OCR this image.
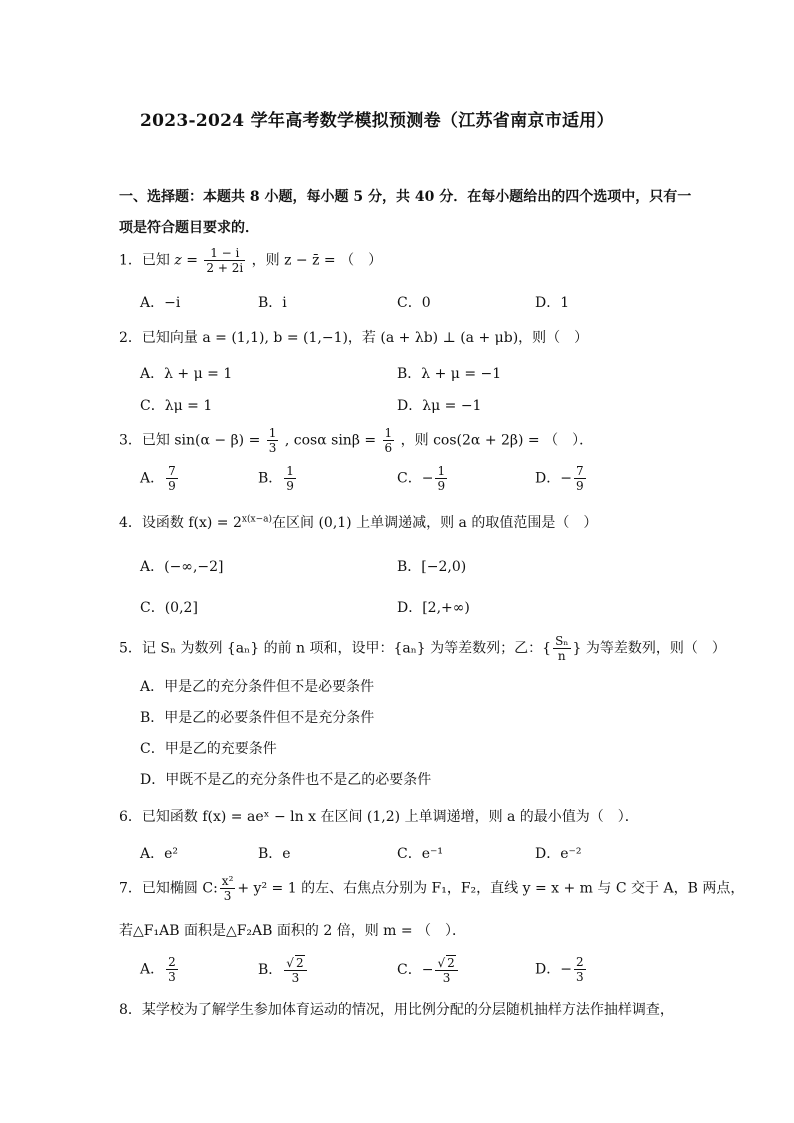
2023-2024 学年高考数学模拟预测卷（江苏省南京市适用）
一、选择题：本题共 8 小题，每小题 5 分，共 40 分．在每小题给出的四个选项中，只有一
项是符合题目要求的．
1．已知 $z = \frac{1 - i}{2 + 2i}$ ，则 z − z̄ = （　）
A．−i	B．i	C．0	D．1
2．已知向量 a = (1,1), b = (1,−1)，若 (a + λb) ⊥ (a + μb)，则（　）
A．λ + μ = 1	B．λ + μ = −1
C．λμ = 1	D．λμ = −1
3．已知 $\sin(\alpha - \beta) = \frac{1}{3}$ , cosα $\sin\beta = \frac{1}{6}$ ，则 cos(2α + 2β) = （　）．
A． $\frac{7}{9}$	B． $\frac{1}{9}$	C．− $\frac{1}{9}$	D．− $\frac{7}{9}$
4．设函数 $f(x) = 2^{x(x-a)}$在区间 (0,1) 上单调递减，则 a 的取值范围是（　）
A．(−∞,−2]	B．[−2,0)
C．(0,2]	D．[2,+∞)
5．记 Sₙ 为数列 {aₙ} 的前 n 项和，设甲：{aₙ} 为等差数列；乙：{ $\frac{\text{Sₙ}}{n}$ } 为等差数列，则（　）
A．甲是乙的充分条件但不是必要条件
B．甲是乙的必要条件但不是充分条件
C．甲是乙的充要条件
D．甲既不是乙的充分条件也不是乙的必要条件
6．已知函数 f(x) = aeˣ − ln x 在区间 (1,2) 上单调递增，则 a 的最小值为（　）．
A．e²	B．e	C．e⁻¹	D．e⁻²
7．已知椭圆 C: $\frac{\text{x²}}{3} + y^2 = 1$ 的左、右焦点分别为 F₁，F₂，直线 y = x + m 与 C 交于 A，B 两点，
若△F₁AB 面积是△F₂AB 面积的 2 倍，则 m = （　）．
A． $\frac{2}{3}$	B． $\frac{√ 2}{3}$	C．− $\frac{√ 2}{3}$	D．− $\frac{2}{3}$
8．某学校为了解学生参加体育运动的情况，用比例分配的分层随机抽样方法作抽样调查，
